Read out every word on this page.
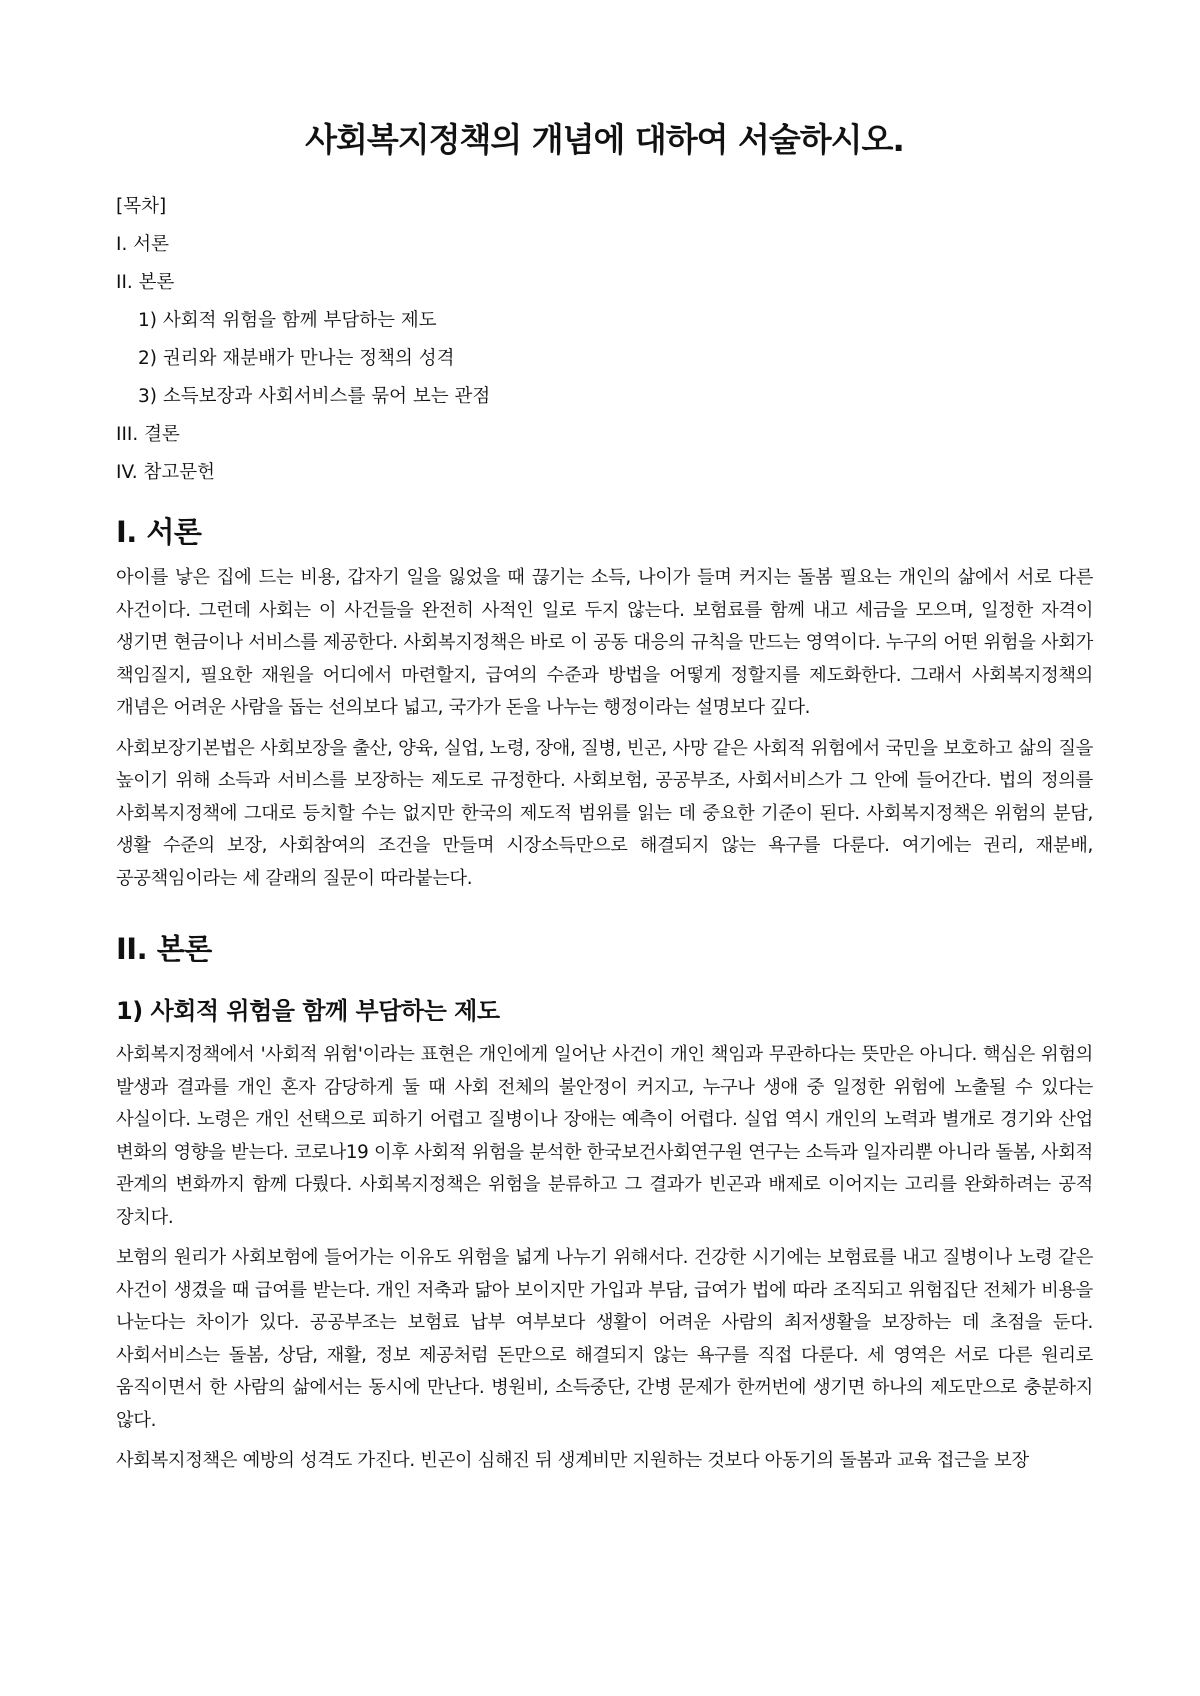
사회복지정책의 개념에 대하여 서술하시오.
[목차]
I. 서론
II. 본론
1) 사회적 위험을 함께 부담하는 제도
2) 권리와 재분배가 만나는 정책의 성격
3) 소득보장과 사회서비스를 묶어 보는 관점
III. 결론
IV. 참고문헌
I. 서론

아이를 낳은 집에 드는 비용, 갑자기 일을 잃었을 때 끊기는 소득, 나이가 들며 커지는 돌봄 필요는 개인의 삶에서 서로 다른 사건이다. 그런데 사회는 이 사건들을 완전히 사적인 일로 두지 않는다. 보험료를 함께 내고 세금을 모으며, 일정한 자격이 생기면 현금이나 서비스를 제공한다. 사회복지정책은 바로 이 공동 대응의 규칙을 만드는 영역이다. 누구의 어떤 위험을 사회가 책임질지, 필요한 재원을 어디에서 마련할지, 급여의 수준과 방법을 어떻게 정할지를 제도화한다. 그래서 사회복지정책의 개념은 어려운 사람을 돕는 선의보다 넓고, 국가가 돈을 나누는 행정이라는 설명보다 깊다.

사회보장기본법은 사회보장을 출산, 양육, 실업, 노령, 장애, 질병, 빈곤, 사망 같은 사회적 위험에서 국민을 보호하고 삶의 질을 높이기 위해 소득과 서비스를 보장하는 제도로 규정한다. 사회보험, 공공부조, 사회서비스가 그 안에 들어간다. 법의 정의를 사회복지정책에 그대로 등치할 수는 없지만 한국의 제도적 범위를 읽는 데 중요한 기준이 된다. 사회복지정책은 위험의 분담, 생활 수준의 보장, 사회참여의 조건을 만들며 시장소득만으로 해결되지 않는 욕구를 다룬다. 여기에는 권리, 재분배, 공공책임이라는 세 갈래의 질문이 따라붙는다.

II. 본론
1) 사회적 위험을 함께 부담하는 제도

사회복지정책에서 '사회적 위험'이라는 표현은 개인에게 일어난 사건이 개인 책임과 무관하다는 뜻만은 아니다. 핵심은 위험의 발생과 결과를 개인 혼자 감당하게 둘 때 사회 전체의 불안정이 커지고, 누구나 생애 중 일정한 위험에 노출될 수 있다는 사실이다. 노령은 개인 선택으로 피하기 어렵고 질병이나 장애는 예측이 어렵다. 실업 역시 개인의 노력과 별개로 경기와 산업 변화의 영향을 받는다. 코로나19 이후 사회적 위험을 분석한 한국보건사회연구원 연구는 소득과 일자리뿐 아니라 돌봄, 사회적 관계의 변화까지 함께 다뤘다. 사회복지정책은 위험을 분류하고 그 결과가 빈곤과 배제로 이어지는 고리를 완화하려는 공적 장치다.

보험의 원리가 사회보험에 들어가는 이유도 위험을 넓게 나누기 위해서다. 건강한 시기에는 보험료를 내고 질병이나 노령 같은 사건이 생겼을 때 급여를 받는다. 개인 저축과 닮아 보이지만 가입과 부담, 급여가 법에 따라 조직되고 위험집단 전체가 비용을 나눈다는 차이가 있다. 공공부조는 보험료 납부 여부보다 생활이 어려운 사람의 최저생활을 보장하는 데 초점을 둔다. 사회서비스는 돌봄, 상담, 재활, 정보 제공처럼 돈만으로 해결되지 않는 욕구를 직접 다룬다. 세 영역은 서로 다른 원리로 움직이면서 한 사람의 삶에서는 동시에 만난다. 병원비, 소득중단, 간병 문제가 한꺼번에 생기면 하나의 제도만으로 충분하지 않다.

사회복지정책은 예방의 성격도 가진다. 빈곤이 심해진 뒤 생계비만 지원하는 것보다 아동기의 돌봄과 교육 접근을 보장
